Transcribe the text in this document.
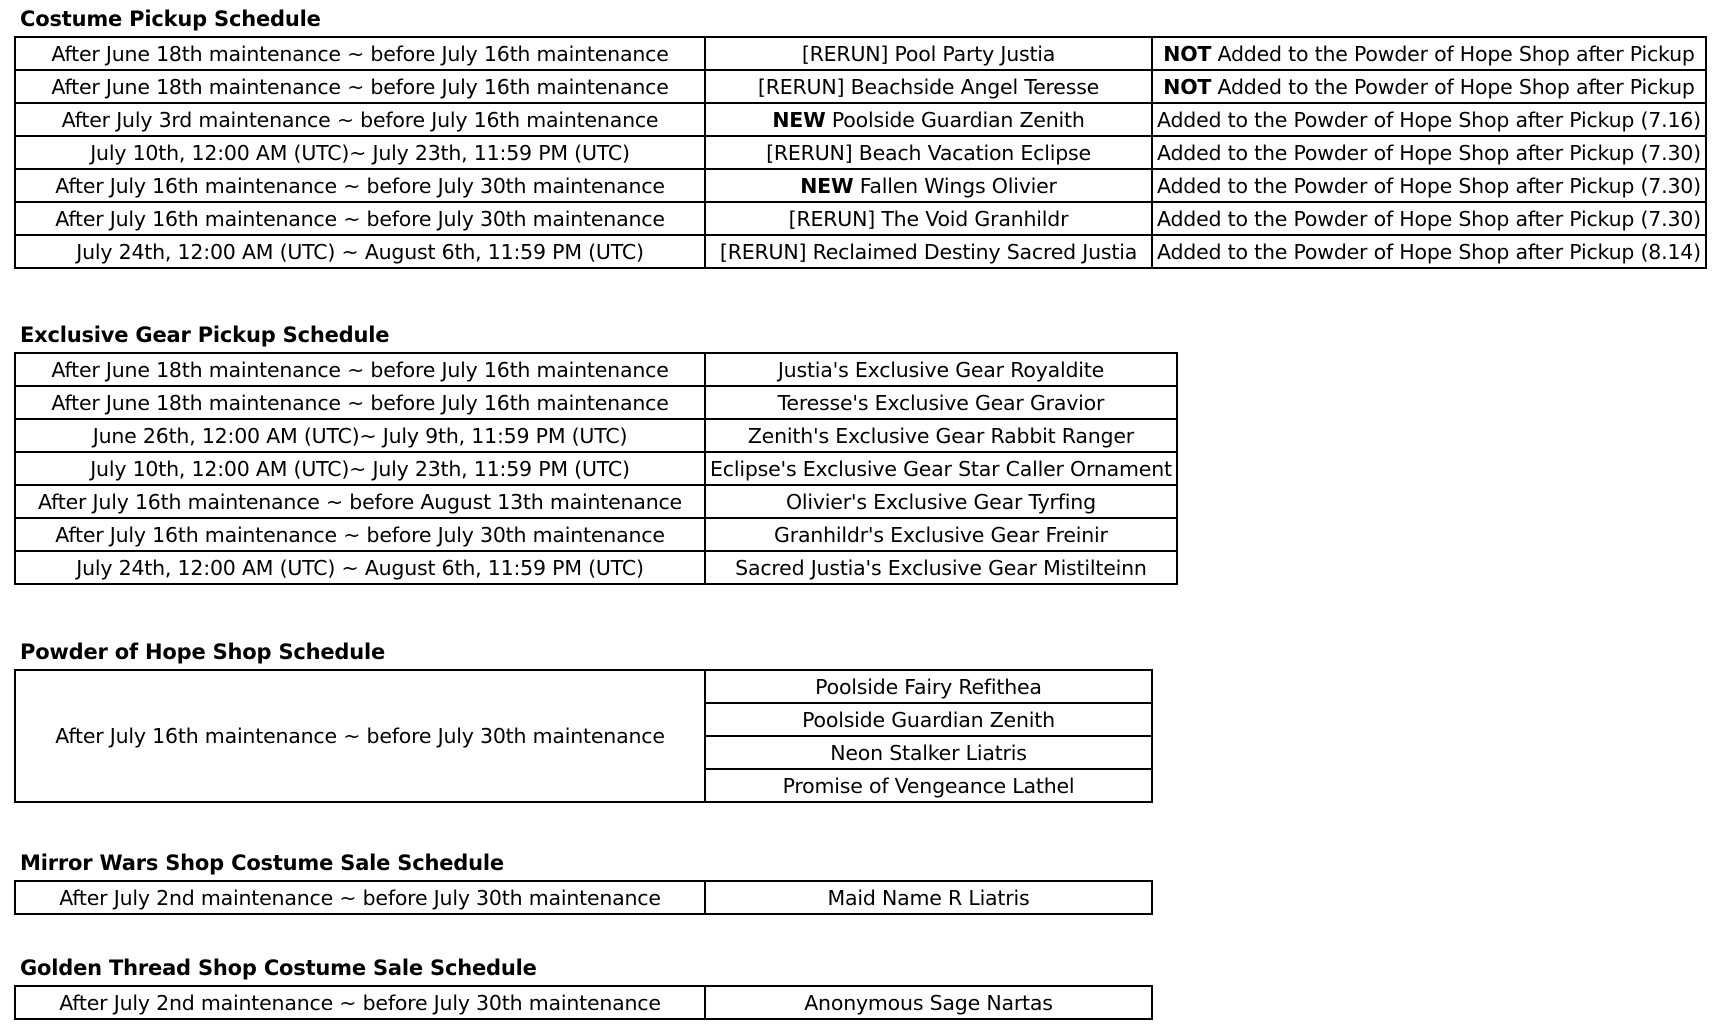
Costume Pickup Schedule
After June 18th maintenance ~ before July 16th maintenance	[RERUN] Pool Party Justia	NOT Added to the Powder of Hope Shop after Pickup
After June 18th maintenance ~ before July 16th maintenance	[RERUN] Beachside Angel Teresse	NOT Added to the Powder of Hope Shop after Pickup
After July 3rd maintenance ~ before July 16th maintenance	NEW Poolside Guardian Zenith	Added to the Powder of Hope Shop after Pickup (7.16)
July 10th, 12:00 AM (UTC)~ July 23th, 11:59 PM (UTC)	[RERUN] Beach Vacation Eclipse	Added to the Powder of Hope Shop after Pickup (7.30)
After July 16th maintenance ~ before July 30th maintenance	NEW Fallen Wings Olivier	Added to the Powder of Hope Shop after Pickup (7.30)
After July 16th maintenance ~ before July 30th maintenance	[RERUN] The Void Granhildr	Added to the Powder of Hope Shop after Pickup (7.30)
July 24th, 12:00 AM (UTC) ~ August 6th, 11:59 PM (UTC)	[RERUN] Reclaimed Destiny Sacred Justia	Added to the Powder of Hope Shop after Pickup (8.14)
Exclusive Gear Pickup Schedule
After June 18th maintenance ~ before July 16th maintenance	Justia's Exclusive Gear Royaldite
After June 18th maintenance ~ before July 16th maintenance	Teresse's Exclusive Gear Gravior
June 26th, 12:00 AM (UTC)~ July 9th, 11:59 PM (UTC)	Zenith's Exclusive Gear Rabbit Ranger
July 10th, 12:00 AM (UTC)~ July 23th, 11:59 PM (UTC)	Eclipse's Exclusive Gear Star Caller Ornament
After July 16th maintenance ~ before August 13th maintenance	Olivier's Exclusive Gear Tyrfing
After July 16th maintenance ~ before July 30th maintenance	Granhildr's Exclusive Gear Freinir
July 24th, 12:00 AM (UTC) ~ August 6th, 11:59 PM (UTC)	Sacred Justia's Exclusive Gear Mistilteinn
Powder of Hope Shop Schedule
After July 16th maintenance ~ before July 30th maintenance	Poolside Fairy Refithea
Poolside Guardian Zenith
Neon Stalker Liatris
Promise of Vengeance Lathel
Mirror Wars Shop Costume Sale Schedule
After July 2nd maintenance ~ before July 30th maintenance	Maid Name R Liatris
Golden Thread Shop Costume Sale Schedule
After July 2nd maintenance ~ before July 30th maintenance	Anonymous Sage Nartas
